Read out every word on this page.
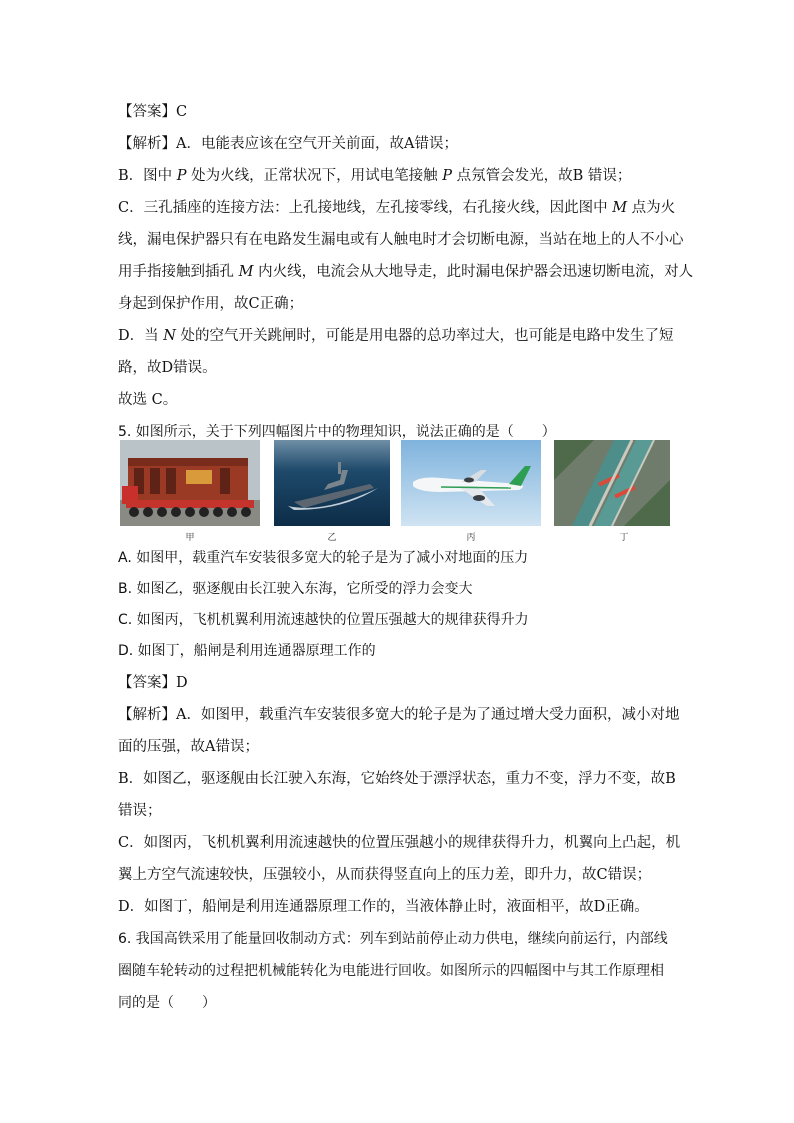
【答案】C
【解析】A．电能表应该在空气开关前面，故A错误；
B．图中 P 处为火线，正常状况下，用试电笔接触 P 点氖管会发光，故B 错误；
C．三孔插座的连接方法：上孔接地线，左孔接零线，右孔接火线，因此图中 M 点为火
线，漏电保护器只有在电路发生漏电或有人触电时才会切断电源，当站在地上的人不小心
用手指接触到插孔 M 内火线，电流会从大地导走，此时漏电保护器会迅速切断电流，对人
身起到保护作用，故C正确；
D．当 N 处的空气开关跳闸时，可能是用电器的总功率过大，也可能是电路中发生了短
路，故D错误。
故选 C。
5. 如图所示，关于下列四幅图片中的物理知识，说法正确的是（　　）
甲	乙	丙	丁
A. 如图甲，载重汽车安装很多宽大的轮子是为了减小对地面的压力
B. 如图乙，驱逐舰由长江驶入东海，它所受的浮力会变大
C. 如图丙，飞机机翼利用流速越快的位置压强越大的规律获得升力
D. 如图丁，船闸是利用连通器原理工作的
【答案】D
【解析】A．如图甲，载重汽车安装很多宽大的轮子是为了通过增大受力面积，减小对地
面的压强，故A错误；
B．如图乙，驱逐舰由长江驶入东海，它始终处于漂浮状态，重力不变，浮力不变，故B
错误；
C．如图丙，飞机机翼利用流速越快的位置压强越小的规律获得升力，机翼向上凸起，机
翼上方空气流速较快，压强较小，从而获得竖直向上的压力差，即升力，故C错误；
D．如图丁，船闸是利用连通器原理工作的，当液体静止时，液面相平，故D正确。
6. 我国高铁采用了能量回收制动方式：列车到站前停止动力供电，继续向前运行，内部线
圈随车轮转动的过程把机械能转化为电能进行回收。如图所示的四幅图中与其工作原理相
同的是（　　）
